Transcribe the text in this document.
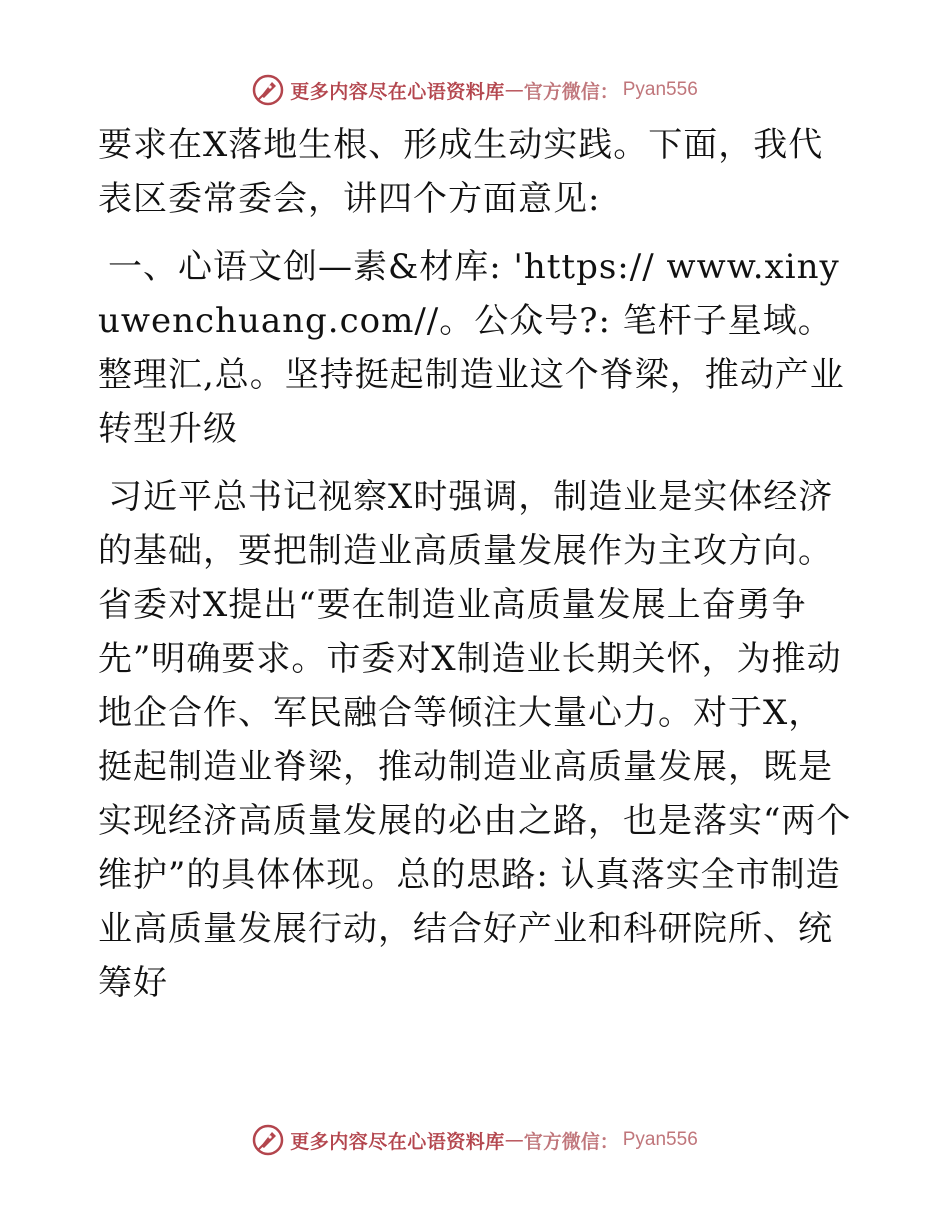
更多内容尽在心语资料库 — 官方微信： Pyan556

要求在X落地生根、形成生动实践。下面，我代表区委常委会，讲四个方面意见:

一、心语文创—素&材库: 'https:// www.xinyuwenchuang.com//。公众号?: 笔杆子星域。整理汇,总。坚持挺起制造业这个脊梁，推动产业转型升级

习近平总书记视察X时强调，制造业是实体经济的基础，要把制造业高质量发展作为主攻方向。省委对X提出“要在制造业高质量发展上奋勇争先”明确要求。市委对X制造业长期关怀，为推动地企合作、军民融合等倾注大量心力。对于X，挺起制造业脊梁，推动制造业高质量发展，既是实现经济高质量发展的必由之路，也是落实“两个维护”的具体体现。总的思路: 认真落实全市制造业高质量发展行动，结合好产业和科研院所、统筹好

更多内容尽在心语资料库 — 官方微信： Pyan556
